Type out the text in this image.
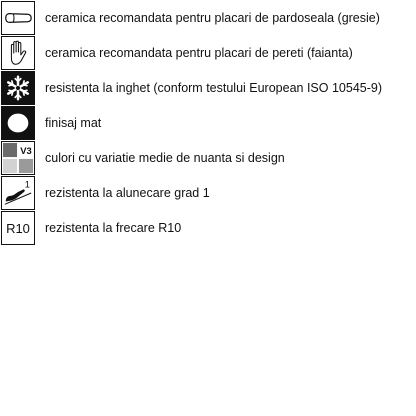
ceramica recomandata pentru placari de pardoseala (gresie)
ceramica recomandata pentru placari de pereti (faianta)
resistenta la inghet (conform testului European ISO 10545-9)
finisaj mat
V3
culori cu variatie medie de nuanta si design
1
rezistenta la alunecare grad 1
R10	rezistenta la frecare R10
